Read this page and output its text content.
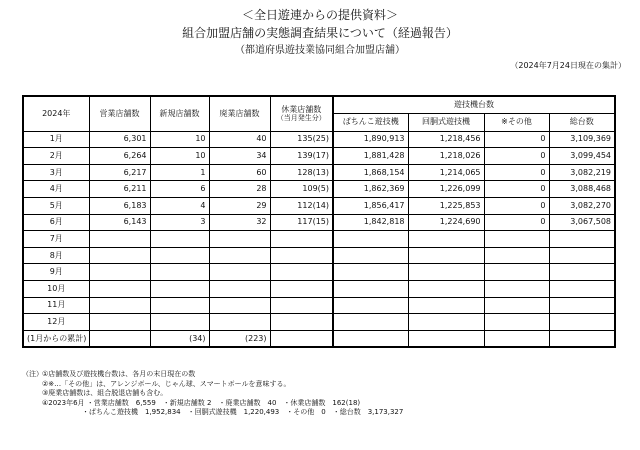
＜全日遊連からの提供資料＞
組合加盟店舗の実態調査結果について（経過報告）
（都道府県遊技業協同組合加盟店舗）
（2024年7月24日現在の集計）
2024年	営業店舗数	新規店舗数	廃業店舗数	休業店舗数
（当月発生分）	遊技機台数			
					ぱちんこ遊技機	回胴式遊技機	※その他	総台数
1月	6,301	10	40	135(25)	1,890,913	1,218,456	0	3,109,369
2月	6,264	10	34	139(17)	1,881,428	1,218,026	0	3,099,454
3月	6,217	1	60	128(13)	1,868,154	1,214,065	0	3,082,219
4月	6,211	6	28	109(5)	1,862,369	1,226,099	0	3,088,468
5月	6,183	4	29	112(14)	1,856,417	1,225,853	0	3,082,270
6月	6,143	3	32	117(15)	1,842,818	1,224,690	0	3,067,508
7月								
8月								
9月								
10月								
11月								
12月								
(1月からの累計)		(34)	(223)					
（注）①店舗数及び遊技機台数は、各月の末日現在の数
②※…「その他」は、アレンジボール、じゃん球、スマートボールを意味する。
③廃業店舗数は、組合脱退店舗も含む。
④2023年6月 ・営業店舗数　6,559　・新規店舗数 2　・廃業店舗数　40　・休業店舗数　162(18)
・ぱちんこ遊技機　1,952,834　・回胴式遊技機　1,220,493　・その他　0　・総台数　3,173,327
